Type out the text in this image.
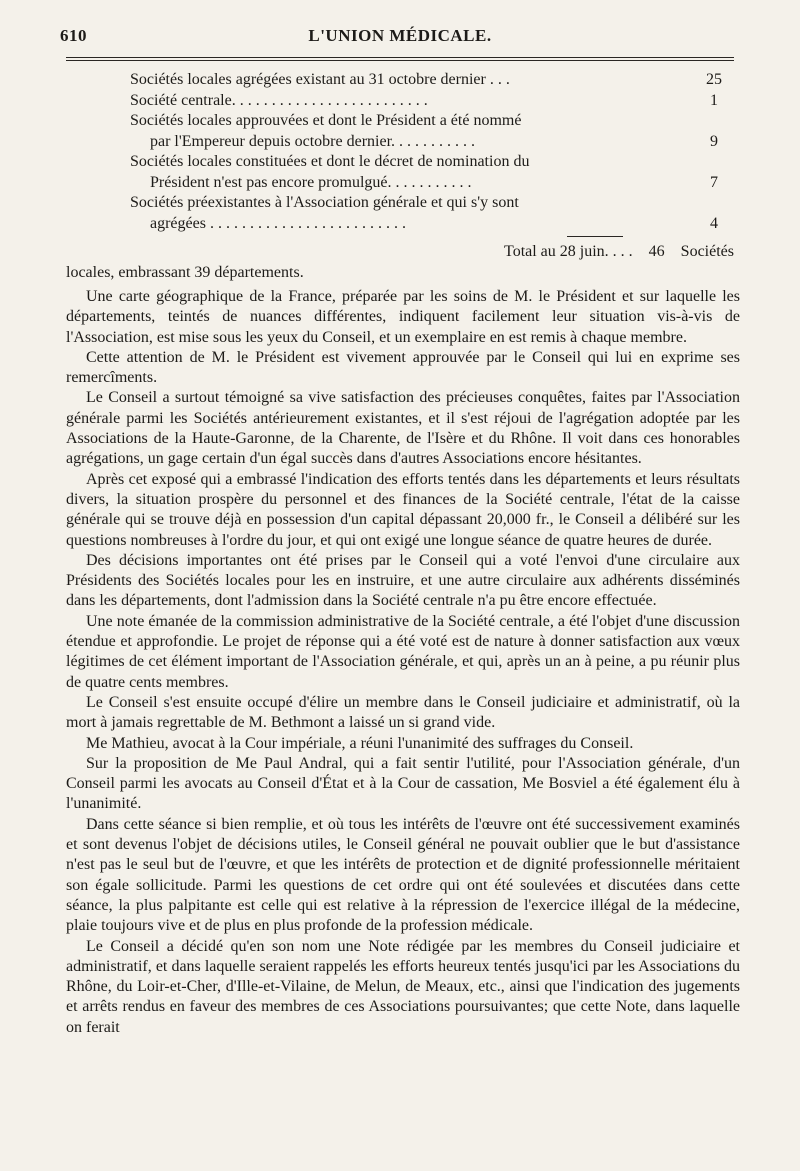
610	L'UNION MÉDICALE.
Sociétés locales agrégées existant au 31 octobre dernier . . .	25
Société centrale. . . . . . . . . . . . . . . . . . . . . . . . .	1
Sociétés locales approuvées et dont le Président a été nommé
par l'Empereur depuis octobre dernier. . . . . . . . . . .	9
Sociétés locales constituées et dont le décret de nomination du
Président n'est pas encore promulgué. . . . . . . . . . .	7
Sociétés préexistantes à l'Association générale et qui s'y sont
agrégées . . . . . . . . . . . . . . . . . . . . . . . . .	4
Total au 28 juin. . . . 46 Sociétés
locales, embrassant 39 départements.

Une carte géographique de la France, préparée par les soins de M. le Président et sur laquelle les départements, teintés de nuances différentes, indiquent facilement leur situation vis-à-vis de l'Association, est mise sous les yeux du Conseil, et un exemplaire en est remis à chaque membre.

Cette attention de M. le Président est vivement approuvée par le Conseil qui lui en exprime ses remercîments.

Le Conseil a surtout témoigné sa vive satisfaction des précieuses conquêtes, faites par l'Association générale parmi les Sociétés antérieurement existantes, et il s'est réjoui de l'agrégation adoptée par les Associations de la Haute-Garonne, de la Charente, de l'Isère et du Rhône. Il voit dans ces honorables agrégations, un gage certain d'un égal succès dans d'autres Associations encore hésitantes.

Après cet exposé qui a embrassé l'indication des efforts tentés dans les départements et leurs résultats divers, la situation prospère du personnel et des finances de la Société centrale, l'état de la caisse générale qui se trouve déjà en possession d'un capital dépassant 20,000 fr., le Conseil a délibéré sur les questions nombreuses à l'ordre du jour, et qui ont exigé une longue séance de quatre heures de durée.

Des décisions importantes ont été prises par le Conseil qui a voté l'envoi d'une circulaire aux Présidents des Sociétés locales pour les en instruire, et une autre circulaire aux adhérents disséminés dans les départements, dont l'admission dans la Société centrale n'a pu être encore effectuée.

Une note émanée de la commission administrative de la Société centrale, a été l'objet d'une discussion étendue et approfondie. Le projet de réponse qui a été voté est de nature à donner satisfaction aux vœux légitimes de cet élément important de l'Association générale, et qui, après un an à peine, a pu réunir plus de quatre cents membres.

Le Conseil s'est ensuite occupé d'élire un membre dans le Conseil judiciaire et administratif, où la mort à jamais regrettable de M. Bethmont a laissé un si grand vide.

Me Mathieu, avocat à la Cour impériale, a réuni l'unanimité des suffrages du Conseil.

Sur la proposition de Me Paul Andral, qui a fait sentir l'utilité, pour l'Association générale, d'un Conseil parmi les avocats au Conseil d'État et à la Cour de cassation, Me Bosviel a été également élu à l'unanimité.

Dans cette séance si bien remplie, et où tous les intérêts de l'œuvre ont été successivement examinés et sont devenus l'objet de décisions utiles, le Conseil général ne pouvait oublier que le but d'assistance n'est pas le seul but de l'œuvre, et que les intérêts de protection et de dignité professionnelle méritaient son égale sollicitude. Parmi les questions de cet ordre qui ont été soulevées et discutées dans cette séance, la plus palpitante est celle qui est relative à la répression de l'exercice illégal de la médecine, plaie toujours vive et de plus en plus profonde de la profession médicale.

Le Conseil a décidé qu'en son nom une Note rédigée par les membres du Conseil judiciaire et administratif, et dans laquelle seraient rappelés les efforts heureux tentés jusqu'ici par les Associations du Rhône, du Loir-et-Cher, d'Ille-et-Vilaine, de Melun, de Meaux, etc., ainsi que l'indication des jugements et arrêts rendus en faveur des membres de ces Associations poursuivantes; que cette Note, dans laquelle on ferait
